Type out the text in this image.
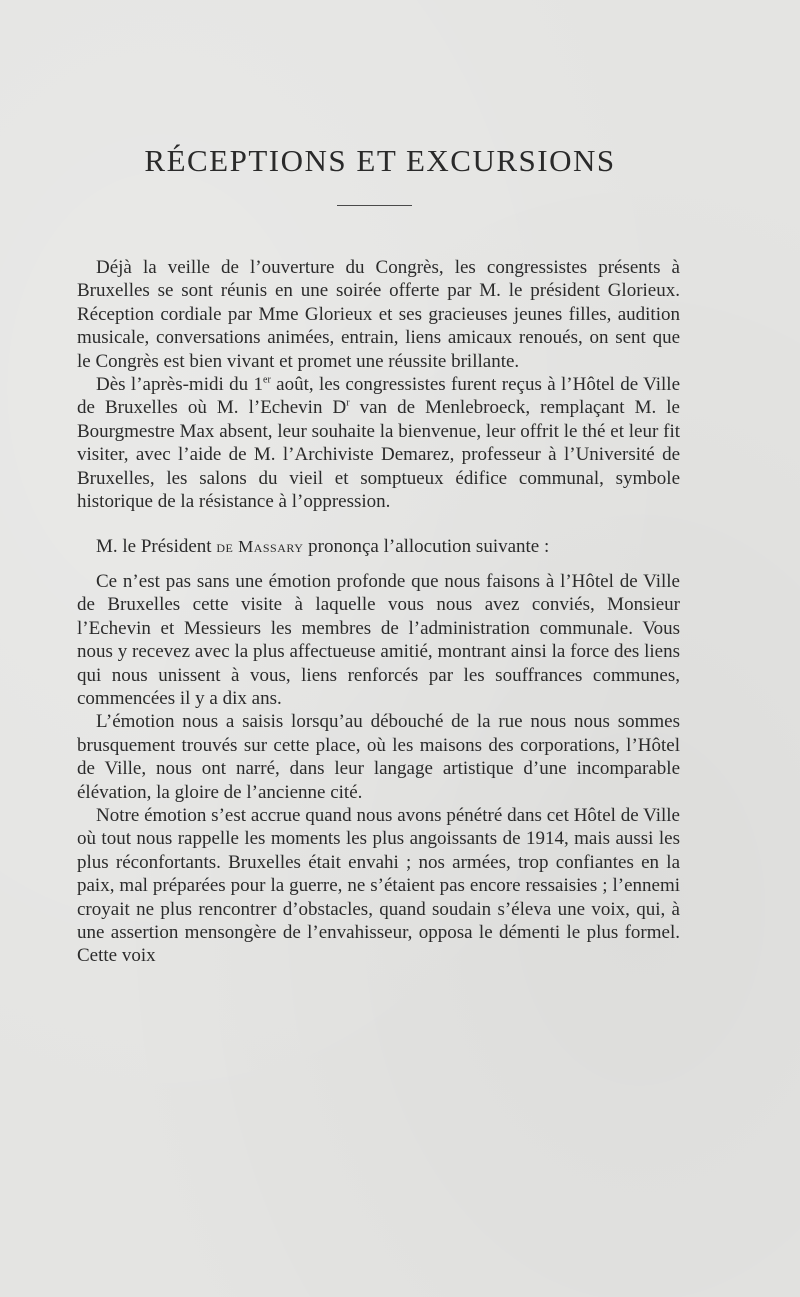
RÉCEPTIONS ET EXCURSIONS

Déjà la veille de l’ouverture du Congrès, les congressistes présents à Bruxelles se sont réunis en une soirée offerte par M. le président Glorieux. Réception cordiale par Mme Glorieux et ses gracieuses jeunes filles, audition musicale, conversations animées, entrain, liens amicaux renoués, on sent que le Congrès est bien vivant et promet une réussite brillante.

Dès l’après-midi du 1er août, les congressistes furent reçus à l’Hôtel de Ville de Bruxelles où M. l’Echevin $D^r$ van de Menlebroeck, remplaçant M. le Bourgmestre Max absent, leur souhaite la bienvenue, leur offrit le thé et leur fit visiter, avec l’aide de M. l’Archiviste Demarez, professeur à l’Université de Bruxelles, les salons du vieil et somptueux édifice communal, symbole historique de la résistance à l’oppression.

M. le Président de Massary prononça l’allocution suivante :

Ce n’est pas sans une émotion profonde que nous faisons à l’Hôtel de Ville de Bruxelles cette visite à laquelle vous nous avez conviés, Monsieur l’Echevin et Messieurs les membres de l’administration communale. Vous nous y recevez avec la plus affectueuse amitié, montrant ainsi la force des liens qui nous unissent à vous, liens renforcés par les souffrances communes, commencées il y a dix ans.

L’émotion nous a saisis lorsqu’au débouché de la rue nous nous sommes brusquement trouvés sur cette place, où les maisons des corporations, l’Hôtel de Ville, nous ont narré, dans leur langage artistique d’une incomparable élévation, la gloire de l’ancienne cité.

Notre émotion s’est accrue quand nous avons pénétré dans cet Hôtel de Ville où tout nous rappelle les moments les plus angoissants de 1914, mais aussi les plus réconfortants. Bruxelles était envahi ; nos armées, trop confiantes en la paix, mal préparées pour la guerre, ne s’étaient pas encore ressaisies ; l’ennemi croyait ne plus rencontrer d’obstacles, quand soudain s’éleva une voix, qui, à une assertion mensongère de l’envahisseur, opposa le démenti le plus formel. Cette voix
